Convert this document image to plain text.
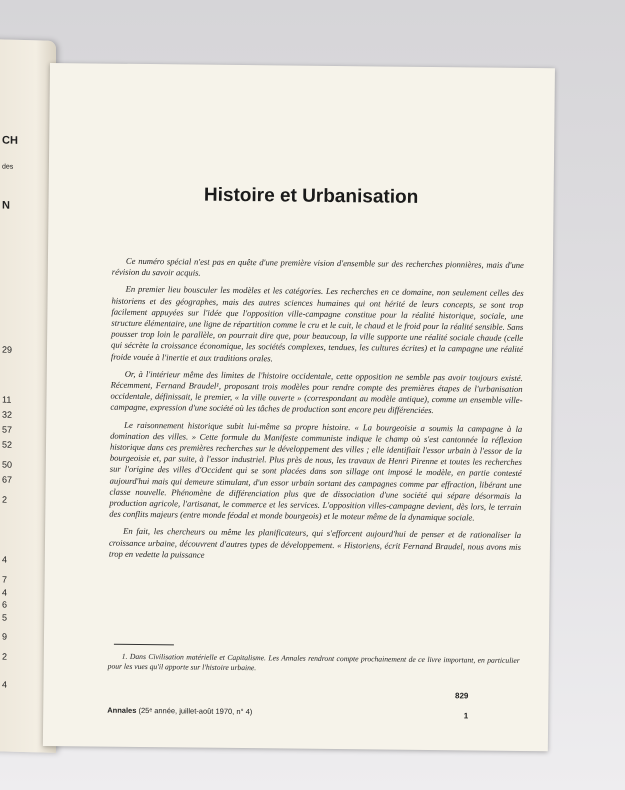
CH
des
N
29
11
32
57
52
50
67
2
4
7
4
6
5
9
2
4
Histoire et Urbanisation

Ce numéro spécial n'est pas en quête d'une première vision d'ensemble sur des recherches pionnières, mais d'une révision du savoir acquis.

En premier lieu bousculer les modèles et les catégories. Les recherches en ce domaine, non seulement celles des historiens et des géographes, mais des autres sciences humaines qui ont hérité de leurs concepts, se sont trop facilement appuyées sur l'idée que l'opposition ville-campagne constitue pour la réalité historique, sociale, une structure élémentaire, une ligne de répartition comme le cru et le cuit, le chaud et le froid pour la réalité sensible. Sans pousser trop loin le parallèle, on pourrait dire que, pour beaucoup, la ville supporte une réalité sociale chaude (celle qui sécrète la croissance économique, les sociétés complexes, tendues, les cultures écrites) et la campagne une réalité froide vouée à l'inertie et aux traditions orales.

Or, à l'intérieur même des limites de l'histoire occidentale, cette opposition ne semble pas avoir toujours existé. Récemment, Fernand Braudel¹, proposant trois modèles pour rendre compte des premières étapes de l'urbanisation occidentale, définissait, le premier, « la ville ouverte » (correspondant au modèle antique), comme un ensemble ville-campagne, expression d'une société où les tâches de production sont encore peu différenciées.

Le raisonnement historique subit lui-même sa propre histoire. « La bourgeoisie a soumis la campagne à la domination des villes. » Cette formule du Manifeste communiste indique le champ où s'est cantonnée la réflexion historique dans ces premières recherches sur le développement des villes ; elle identifiait l'essor urbain à l'essor de la bourgeoisie et, par suite, à l'essor industriel. Plus près de nous, les travaux de Henri Pirenne et toutes les recherches sur l'origine des villes d'Occident qui se sont placées dans son sillage ont imposé le modèle, en partie contesté aujourd'hui mais qui demeure stimulant, d'un essor urbain sortant des campagnes comme par effraction, libérant une classe nouvelle. Phénomène de différenciation plus que de dissociation d'une société qui sépare désormais la production agricole, l'artisanat, le commerce et les services. L'opposition villes-campagne devient, dès lors, le terrain des conflits majeurs (entre monde féodal et monde bourgeois) et le moteur même de la dynamique sociale.

En fait, les chercheurs ou même les planificateurs, qui s'efforcent aujourd'hui de penser et de rationaliser la croissance urbaine, découvrent d'autres types de développement. « Historiens, écrit Fernand Braudel, nous avons mis trop en vedette la puissance

1. Dans Civilisation matérielle et Capitalisme. Les Annales rendront compte prochainement de ce livre important, en particulier pour les vues qu'il apporte sur l'histoire urbaine.

829
Annales (25ᵉ année, juillet-août 1970, n° 4)	1
